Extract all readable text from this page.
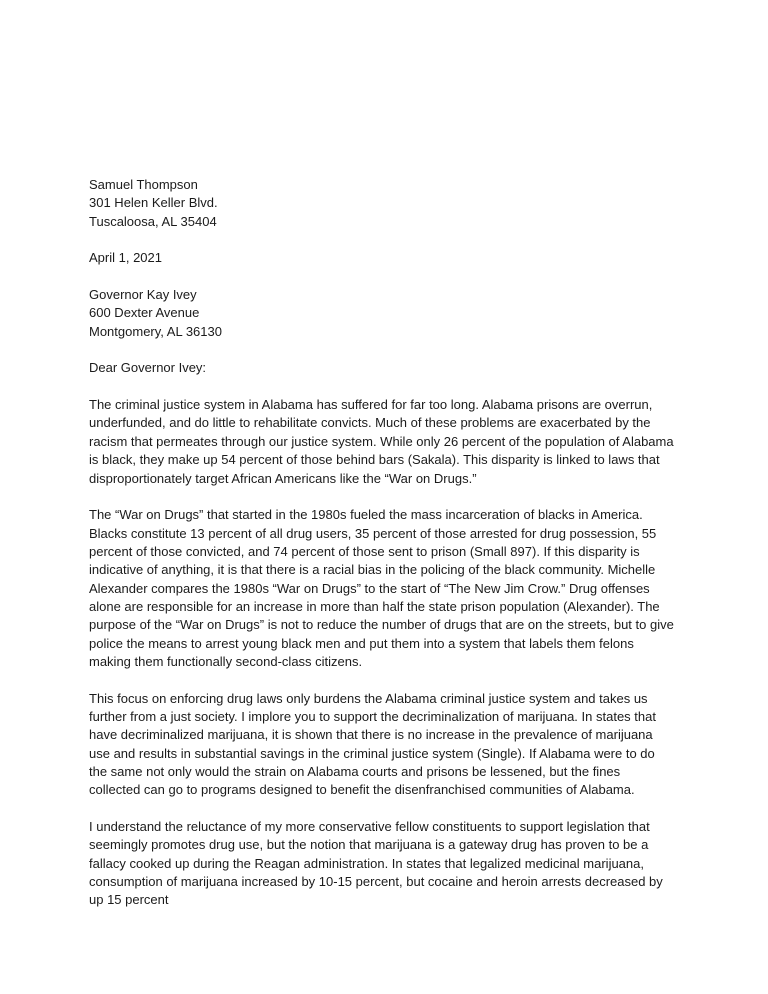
Samuel Thompson

301 Helen Keller Blvd.

Tuscaloosa, AL 35404

April 1, 2021

Governor Kay Ivey

600 Dexter Avenue

Montgomery, AL 36130

Dear Governor Ivey:

The criminal justice system in Alabama has suffered for far too long. Alabama prisons are overrun, underfunded, and do little to rehabilitate convicts. Much of these problems are exacerbated by the racism that permeates through our justice system. While only 26 percent of the population of Alabama is black, they make up 54 percent of those behind bars (Sakala). This disparity is linked to laws that disproportionately target African Americans like the “War on Drugs.”

The “War on Drugs” that started in the 1980s fueled the mass incarceration of blacks in America. Blacks constitute 13 percent of all drug users, 35 percent of those arrested for drug possession, 55 percent of those convicted, and 74 percent of those sent to prison (Small 897). If this disparity is indicative of anything, it is that there is a racial bias in the policing of the black community. Michelle Alexander compares the 1980s “War on Drugs” to the start of “The New Jim Crow.” Drug offenses alone are responsible for an increase in more than half the state prison population (Alexander). The purpose of the “War on Drugs” is not to reduce the number of drugs that are on the streets, but to give police the means to arrest young black men and put them into a system that labels them felons making them functionally second-class citizens.

This focus on enforcing drug laws only burdens the Alabama criminal justice system and takes us further from a just society. I implore you to support the decriminalization of marijuana. In states that have decriminalized marijuana, it is shown that there is no increase in the prevalence of marijuana use and results in substantial savings in the criminal justice system (Single). If Alabama were to do the same not only would the strain on Alabama courts and prisons be lessened, but the fines collected can go to programs designed to benefit the disenfranchised communities of Alabama.

I understand the reluctance of my more conservative fellow constituents to support legislation that seemingly promotes drug use, but the notion that marijuana is a gateway drug has proven to be a fallacy cooked up during the Reagan administration. In states that legalized medicinal marijuana, consumption of marijuana increased by 10-15 percent, but cocaine and heroin arrests decreased by up 15 percent
